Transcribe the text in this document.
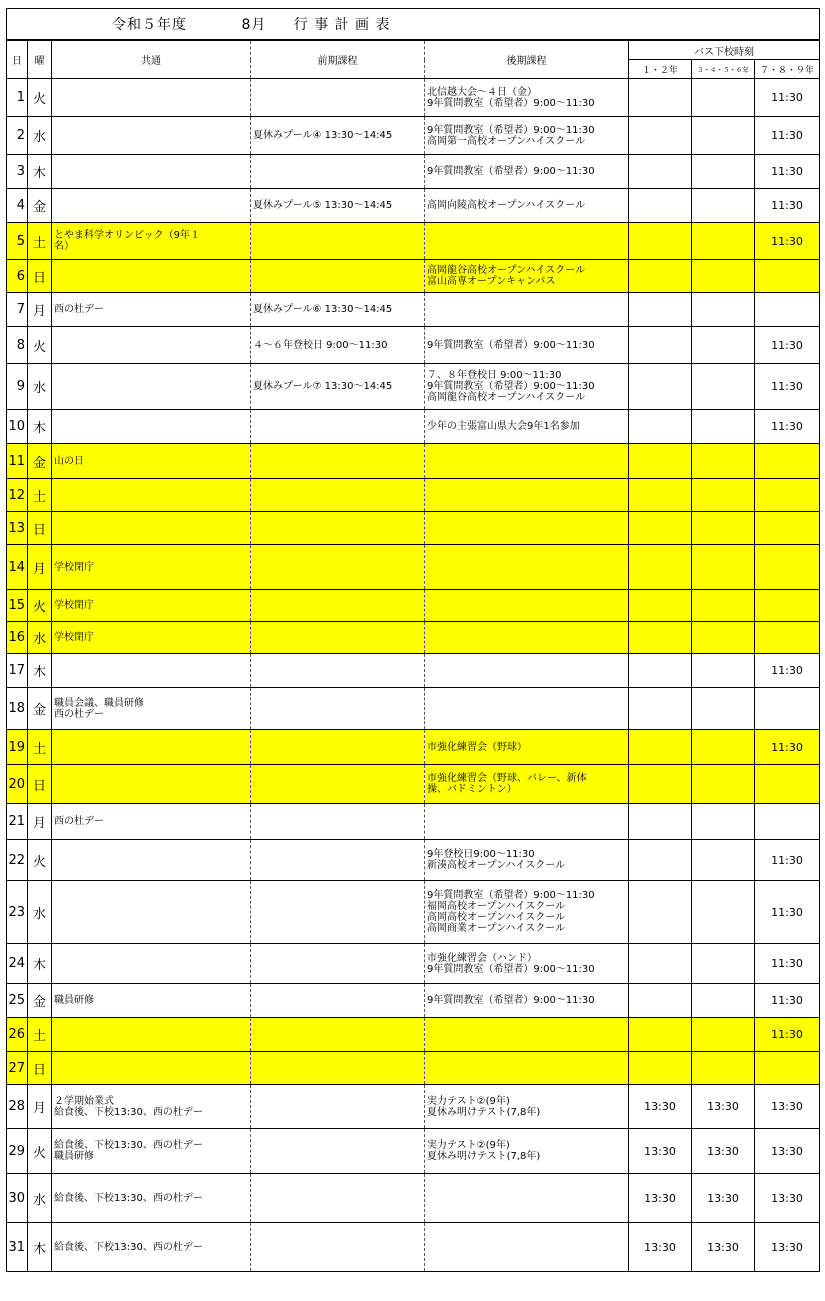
令和５年度 8月 行 事 計 画 表							
日	曜	共通	前期課程	後期課程	バス下校時刻		
					１・２年	３・４・５・６年	７・８・９年
1	火			北信越大会～４日（金）
9年質問教室（希望者）9:00～11:30			11:30
2	水		夏休みプール④ 13:30～14:45	9年質問教室（希望者）9:00～11:30
高岡第一高校オープンハイスクール			11:30
3	木			9年質問教室（希望者）9:00～11:30			11:30
4	金		夏休みプール⑤ 13:30～14:45	高岡向陵高校オープンハイスクール			11:30
5	土	とやま科学オリンピック（9年１
名）					11:30
6	日			高岡龍谷高校オープンハイスクール
富山高専オープンキャンパス			
7	月	西の杜デー	夏休みプール⑥ 13:30～14:45				
8	火		４～６年登校日 9:00～11:30	9年質問教室（希望者）9:00～11:30			11:30
9	水		夏休みプール⑦ 13:30～14:45	７、８年登校日 9:00～11:30
9年質問教室（希望者）9:00～11:30
高岡龍谷高校オープンハイスクール			11:30
10	木			少年の主張富山県大会9年1名参加			11:30
11	金	山の日					
12	土						
13	日						
14	月	学校閉庁					
15	火	学校閉庁					
16	水	学校閉庁					
17	木						11:30
18	金	職員会議、職員研修
西の杜デー					
19	土			市強化練習会（野球）			11:30
20	日			市強化練習会（野球、バレー、新体
操、バドミントン）			
21	月	西の杜デー					
22	火			9年登校日9:00～11:30
新湊高校オープンハイスクール			11:30
23	水			9年質問教室（希望者）9:00～11:30
福岡高校オープンハイスクール
高岡高校オープンハイスクール
高岡商業オープンハイスクール			11:30
24	木			市強化練習会（ハンド）
9年質問教室（希望者）9:00～11:30			11:30
25	金	職員研修		9年質問教室（希望者）9:00～11:30			11:30
26	土						11:30
27	日						
28	月	２学期始業式
給食後、下校13:30、西の杜デー		実力テスト②(9年)
夏休み明けテスト(7,8年)	13:30	13:30	13:30
29	火	給食後、下校13:30、西の杜デー
職員研修		実力テスト②(9年)
夏休み明けテスト(7,8年)	13:30	13:30	13:30
30	水	給食後、下校13:30、西の杜デー			13:30	13:30	13:30
31	木	給食後、下校13:30、西の杜デー			13:30	13:30	13:30
